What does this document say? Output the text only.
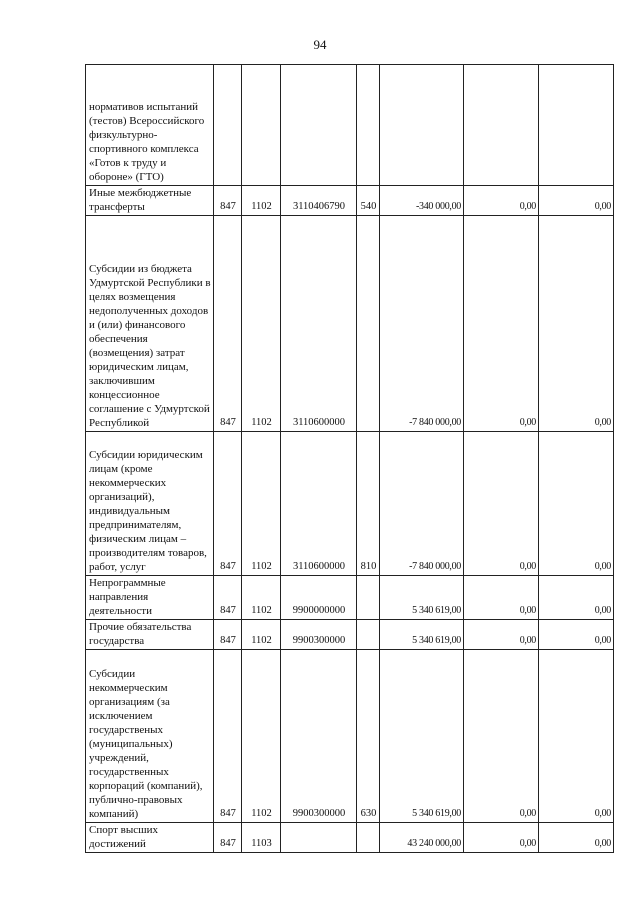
94
нормативов испытаний (тестов) Всероссийского физкультурно-спортивного комплекса «Готов к труду и обороне» (ГТО)							
Иные межбюджетные трансферты	847	1102	3110406790	540	-340 000,00	0,00	0,00
Субсидии из бюджета Удмуртской Республики в целях возмещения недополученных доходов и (или) финансового обеспечения (возмещения) затрат юридическим лицам, заключившим концессионное соглашение с Удмуртской Республикой	847	1102	3110600000		-7 840 000,00	0,00	0,00
Субсидии юридическим лицам (кроме некоммерческих организаций), индивидуальным предпринимателям, физическим лицам – производителям товаров, работ, услуг	847	1102	3110600000	810	-7 840 000,00	0,00	0,00
Непрограммные направления деятельности	847	1102	9900000000		5 340 619,00	0,00	0,00
Прочие обязательства государства	847	1102	9900300000		5 340 619,00	0,00	0,00
Субсидии некоммерческим организациям (за исключением государственых (муниципальных) учреждений, государственных корпораций (компаний), публично-правовых компаний)	847	1102	9900300000	630	5 340 619,00	0,00	0,00
Спорт высших достижений	847	1103			43 240 000,00	0,00	0,00
